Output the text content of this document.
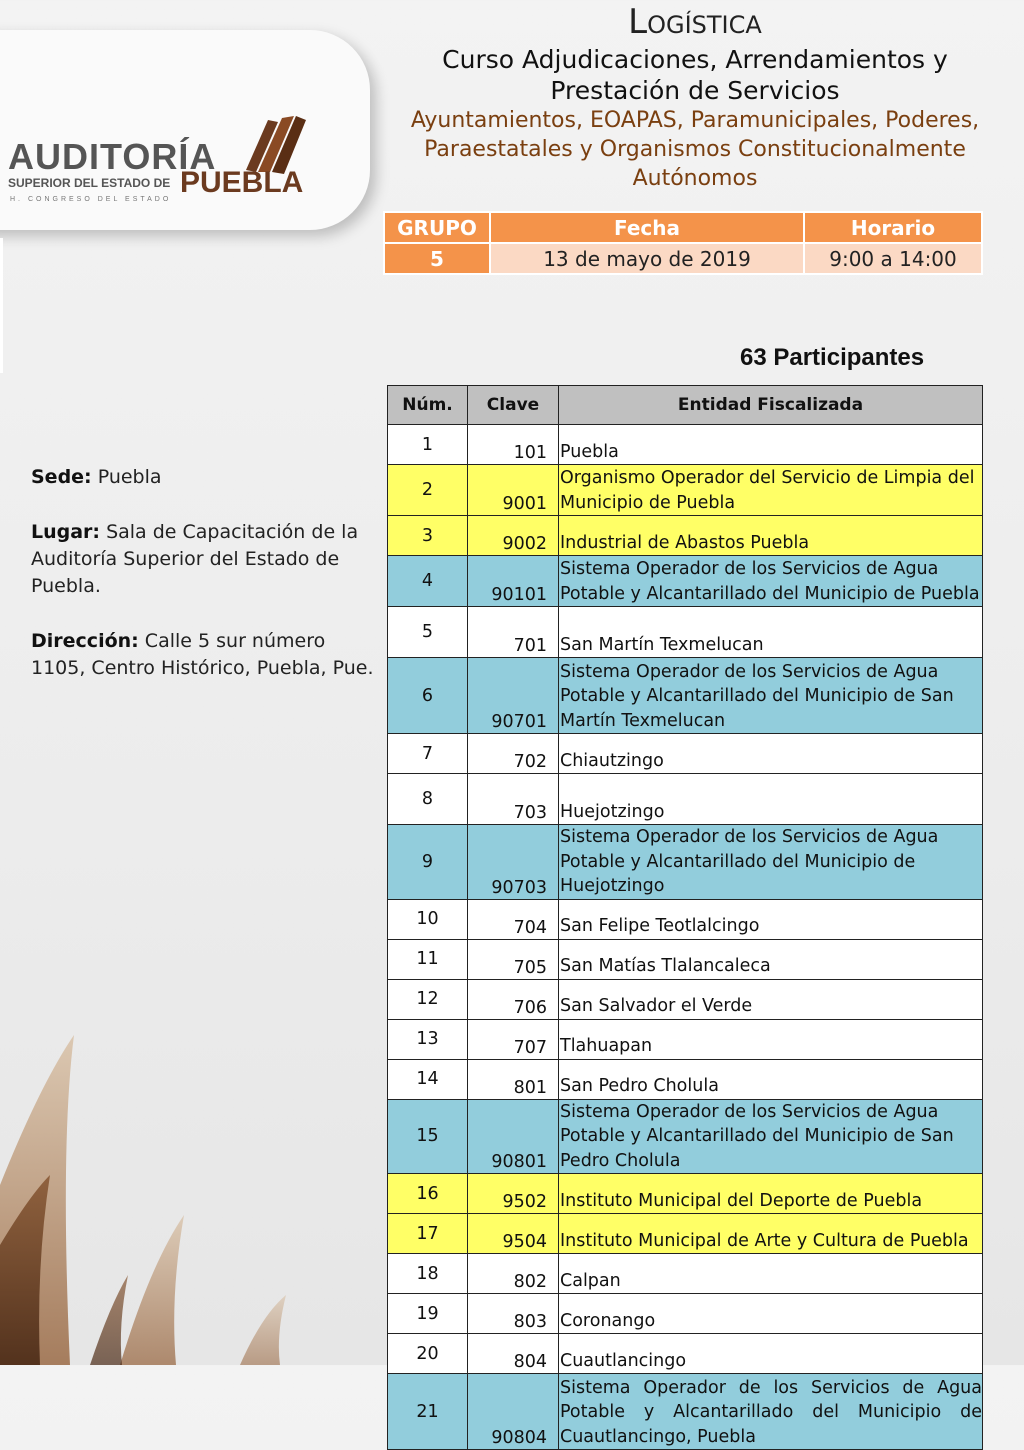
AUDITORÍA
SUPERIOR DEL ESTADO DE PUEBLA
H. CONGRESO DEL ESTADO
Logística
Curso Adjudicaciones, Arrendamientos y
Prestación de Servicios
Ayuntamientos, EOAPAS, Paramunicipales, Poderes,
Paraestatales y Organismos Constitucionalmente
Autónomos
GRUPO	Fecha	Horario
5	13 de mayo de 2019	9:00 a 14:00
63 Participantes
Sede: Puebla
Lugar: Sala de Capacitación de la Auditoría Superior del Estado de Puebla.
Dirección: Calle 5 sur número 1105, Centro Histórico, Puebla, Pue.
Núm.	Clave	Entidad Fiscalizada
1	101	Puebla
2	9001	Organismo Operador del Servicio de Limpia del Municipio de Puebla
3	9002	Industrial de Abastos Puebla
4	90101	Sistema Operador de los Servicios de Agua Potable y Alcantarillado del Municipio de Puebla
5	701	San Martín Texmelucan
6	90701	Sistema Operador de los Servicios de Agua Potable y Alcantarillado del Municipio de San Martín Texmelucan
7	702	Chiautzingo
8	703	Huejotzingo
9	90703	Sistema Operador de los Servicios de Agua Potable y Alcantarillado del Municipio de Huejotzingo
10	704	San Felipe Teotlalcingo
11	705	San Matías Tlalancaleca
12	706	San Salvador el Verde
13	707	Tlahuapan
14	801	San Pedro Cholula
15	90801	Sistema Operador de los Servicios de Agua Potable y Alcantarillado del Municipio de San Pedro Cholula
16	9502	Instituto Municipal del Deporte de Puebla
17	9504	Instituto Municipal de Arte y Cultura de Puebla
18	802	Calpan
19	803	Coronango
20	804	Cuautlancingo
21	90804	Sistema Operador de los Servicios de Agua Potable y Alcantarillado del Municipio de Cuautlancingo, Puebla
